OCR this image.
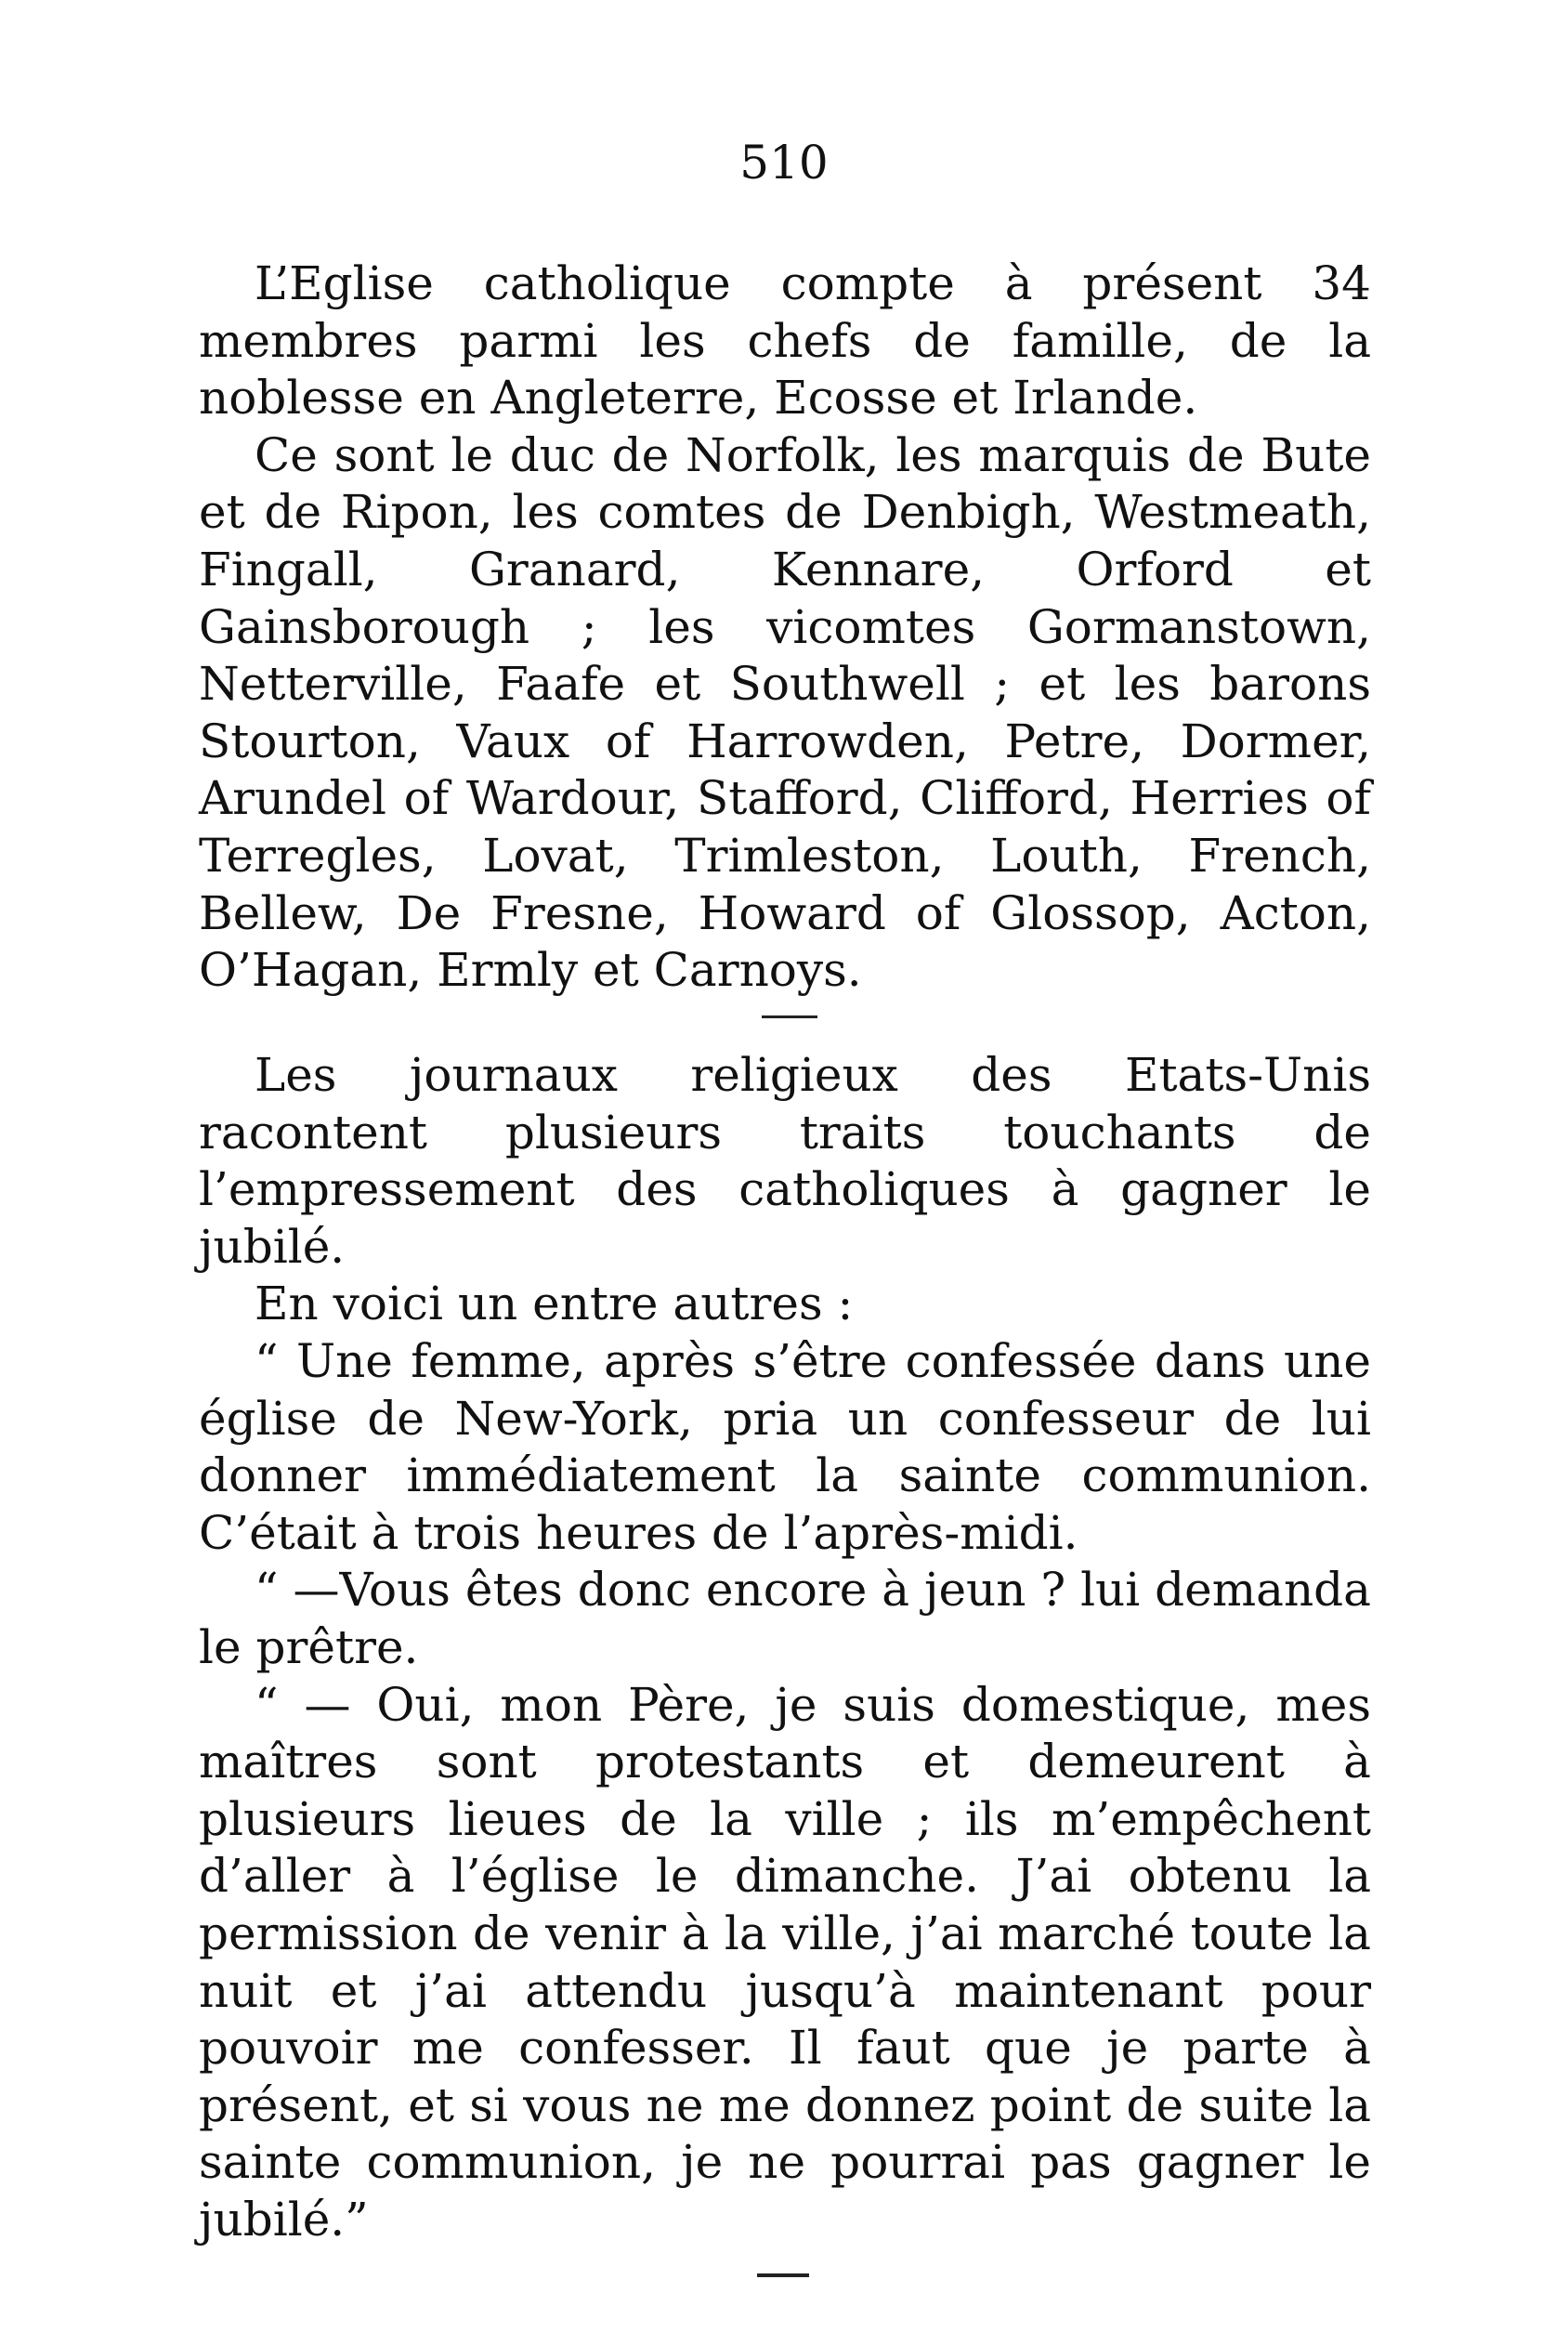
510

L’Eglise catholique compte à présent 34 membres parmi les chefs de famille, de la noblesse en Angleterre, Ecosse et Irlande.

Ce sont le duc de Norfolk, les marquis de Bute et de Ripon, les comtes de Denbigh, Westmeath, Fingall, Granard, Kennare, Orford et Gainsborough ; les vicomtes Gormanstown, Netterville, Faafe et Southwell ; et les barons Stourton, Vaux of Harrowden, Petre, Dormer, Arundel of Wardour, Stafford, Clifford, Herries of Terregles, Lovat, Trimleston, Louth, French, Bellew, De Fresne, Howard of Glossop, Acton, O’Hagan, Ermly et Carnoys.

Les journaux religieux des Etats-Unis racontent plusieurs traits touchants de l’empressement des catholiques à gagner le jubilé.

En voici un entre autres :

“ Une femme, après s’être confessée dans une église de New-York, pria un confesseur de lui donner immédiatement la sainte communion. C’était à trois heures de l’après-midi.

“ —Vous êtes donc encore à jeun ? lui demanda le prêtre.

“ — Oui, mon Père, je suis domestique, mes maîtres sont protestants et demeurent à plusieurs lieues de la ville ; ils m’empêchent d’aller à l’église le dimanche. J’ai obtenu la permission de venir à la ville, j’ai marché toute la nuit et j’ai attendu jusqu’à maintenant pour pouvoir me confesser. Il faut que je parte à présent, et si vous ne me donnez point de suite la sainte communion, je ne pourrai pas gagner le jubilé.”
